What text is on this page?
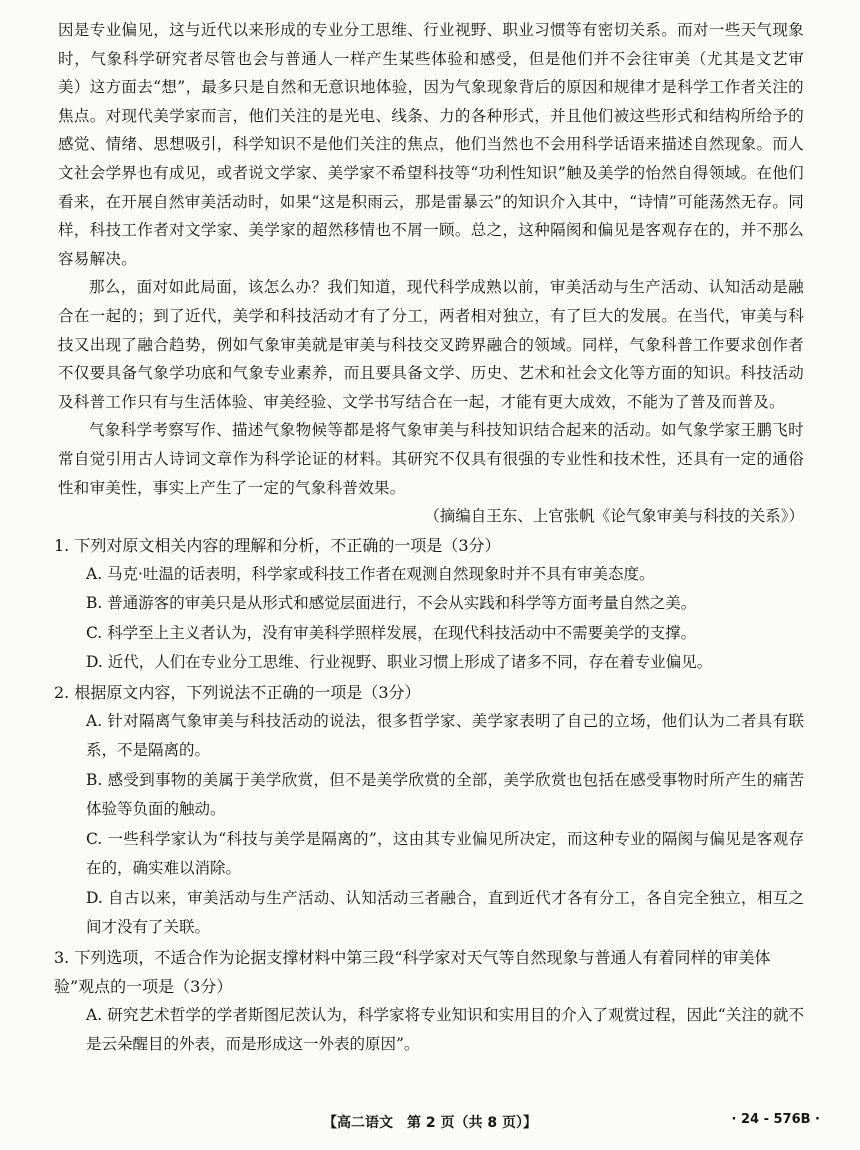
因是专业偏见，这与近代以来形成的专业分工思维、行业视野、职业习惯等有密切关系。而对一些天气现象时，气象科学研究者尽管也会与普通人一样产生某些体验和感受，但是他们并不会往审美（尤其是文艺审美）这方面去“想”，最多只是自然和无意识地体验，因为气象现象背后的原因和规律才是科学工作者关注的焦点。对现代美学家而言，他们关注的是光电、线条、力的各种形式，并且他们被这些形式和结构所给予的感觉、情绪、思想吸引，科学知识不是他们关注的焦点，他们当然也不会用科学话语来描述自然现象。而人文社会学界也有成见，或者说文学家、美学家不希望科技等“功利性知识”触及美学的怡然自得领域。在他们看来，在开展自然审美活动时，如果“这是积雨云，那是雷暴云”的知识介入其中，“诗情”可能荡然无存。同样，科技工作者对文学家、美学家的超然移情也不屑一顾。总之，这种隔阂和偏见是客观存在的，并不那么容易解决。

那么，面对如此局面，该怎么办？我们知道，现代科学成熟以前，审美活动与生产活动、认知活动是融合在一起的；到了近代，美学和科技活动才有了分工，两者相对独立，有了巨大的发展。在当代，审美与科技又出现了融合趋势，例如气象审美就是审美与科技交叉跨界融合的领域。同样，气象科普工作要求创作者不仅要具备气象学功底和气象专业素养，而且要具备文学、历史、艺术和社会文化等方面的知识。科技活动及科普工作只有与生活体验、审美经验、文学书写结合在一起，才能有更大成效，不能为了普及而普及。

气象科学考察写作、描述气象物候等都是将气象审美与科技知识结合起来的活动。如气象学家王鹏飞时常自觉引用古人诗词文章作为科学论证的材料。其研究不仅具有很强的专业性和技术性，还具有一定的通俗性和审美性，事实上产生了一定的气象科普效果。

（摘编自王东、上官张帆《论气象审美与科技的关系》）

1. 下列对原文相关内容的理解和分析，不正确的一项是（3分）

A. 马克·吐温的话表明，科学家或科技工作者在观测自然现象时并不具有审美态度。

B. 普通游客的审美只是从形式和感觉层面进行，不会从实践和科学等方面考量自然之美。

C. 科学至上主义者认为，没有审美科学照样发展，在现代科技活动中不需要美学的支撑。

D. 近代，人们在专业分工思维、行业视野、职业习惯上形成了诸多不同，存在着专业偏见。

2. 根据原文内容，下列说法不正确的一项是（3分）

A. 针对隔离气象审美与科技活动的说法，很多哲学家、美学家表明了自己的立场，他们认为二者具有联系，不是隔离的。

B. 感受到事物的美属于美学欣赏，但不是美学欣赏的全部，美学欣赏也包括在感受事物时所产生的痛苦体验等负面的触动。

C. 一些科学家认为“科技与美学是隔离的”，这由其专业偏见所决定，而这种专业的隔阂与偏见是客观存在的，确实难以消除。

D. 自古以来，审美活动与生产活动、认知活动三者融合，直到近代才各有分工，各自完全独立，相互之间才没有了关联。

3. 下列选项，不适合作为论据支撑材料中第三段“科学家对天气等自然现象与普通人有着同样的审美体验”观点的一项是（3分）

A. 研究艺术哲学的学者斯图尼茨认为，科学家将专业知识和实用目的介入了观赏过程，因此“关注的就不是云朵醒目的外表，而是形成这一外表的原因”。

【高二语文　第 2 页（共 8 页）】	· 24 - 576B ·
